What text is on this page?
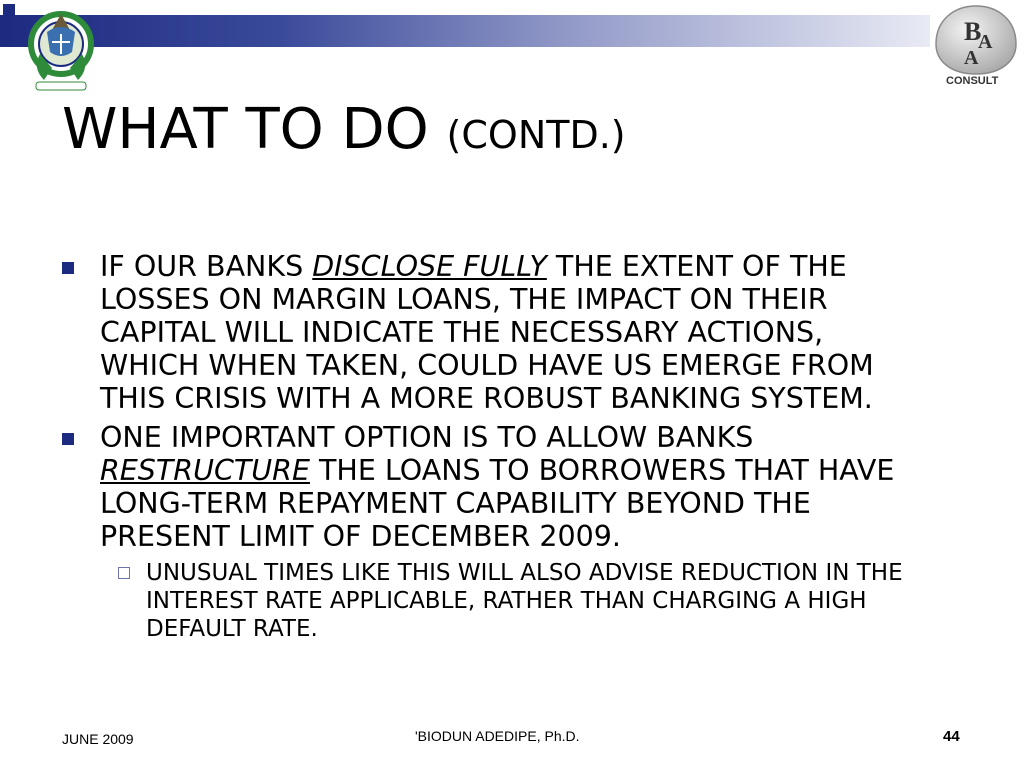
B
A
A
CONSULT
WHAT TO DO (CONTD.)
IF OUR BANKS DISCLOSE FULLY THE EXTENT OF THE LOSSES ON MARGIN LOANS, THE IMPACT ON THEIR CAPITAL WILL INDICATE THE NECESSARY ACTIONS, WHICH WHEN TAKEN, COULD HAVE US EMERGE FROM THIS CRISIS WITH A MORE ROBUST BANKING SYSTEM.
ONE IMPORTANT OPTION IS TO ALLOW BANKS RESTRUCTURE THE LOANS TO BORROWERS THAT HAVE LONG-TERM REPAYMENT CAPABILITY BEYOND THE PRESENT LIMIT OF DECEMBER 2009.
UNUSUAL TIMES LIKE THIS WILL ALSO ADVISE REDUCTION IN THE INTEREST RATE APPLICABLE, RATHER THAN CHARGING A HIGH DEFAULT RATE.
JUNE 2009	'BIODUN ADEDIPE, Ph.D.	44
